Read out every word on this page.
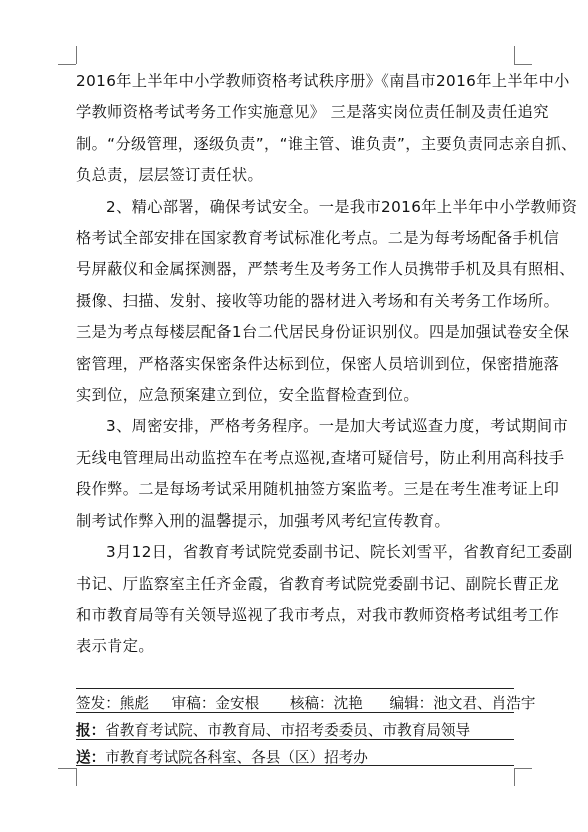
2016年上半年中小学教师资格考试秩序册》《南昌市2016年上半年中小
学教师资格考试考务工作实施意见》 三是落实岗位责任制及责任追究
制。“分级管理，逐级负责”，“谁主管、谁负责”，主要负责同志亲自抓、
负总责，层层签订责任状。

2、精心部署，确保考试安全。一是我市2016年上半年中小学教师资
格考试全部安排在国家教育考试标准化考点。二是为每考场配备手机信
号屏蔽仪和金属探测器，严禁考生及考务工作人员携带手机及具有照相、
摄像、扫描、发射、接收等功能的器材进入考场和有关考务工作场所。
三是为考点每楼层配备1台二代居民身份证识别仪。四是加强试卷安全保
密管理，严格落实保密条件达标到位，保密人员培训到位，保密措施落
实到位，应急预案建立到位，安全监督检查到位。

3、周密安排，严格考务程序。一是加大考试巡查力度，考试期间市
无线电管理局出动监控车在考点巡视,查堵可疑信号，防止利用高科技手
段作弊。二是每场考试采用随机抽签方案监考。三是在考生准考证上印
制考试作弊入刑的温馨提示，加强考风考纪宣传教育。

3月12日，省教育考试院党委副书记、院长刘雪平，省教育纪工委副
书记、厅监察室主任齐金霞，省教育考试院党委副书记、副院长曹正龙
和市教育局等有关领导巡视了我市考点，对我市教师资格考试组考工作
表示肯定。

签发：熊彪 审稿：金安根 核稿：沈艳 编辑：池文君、肖浩宇
报：省教育考试院、市教育局、市招考委委员、市教育局领导
送：市教育考试院各科室、各县（区）招考办
